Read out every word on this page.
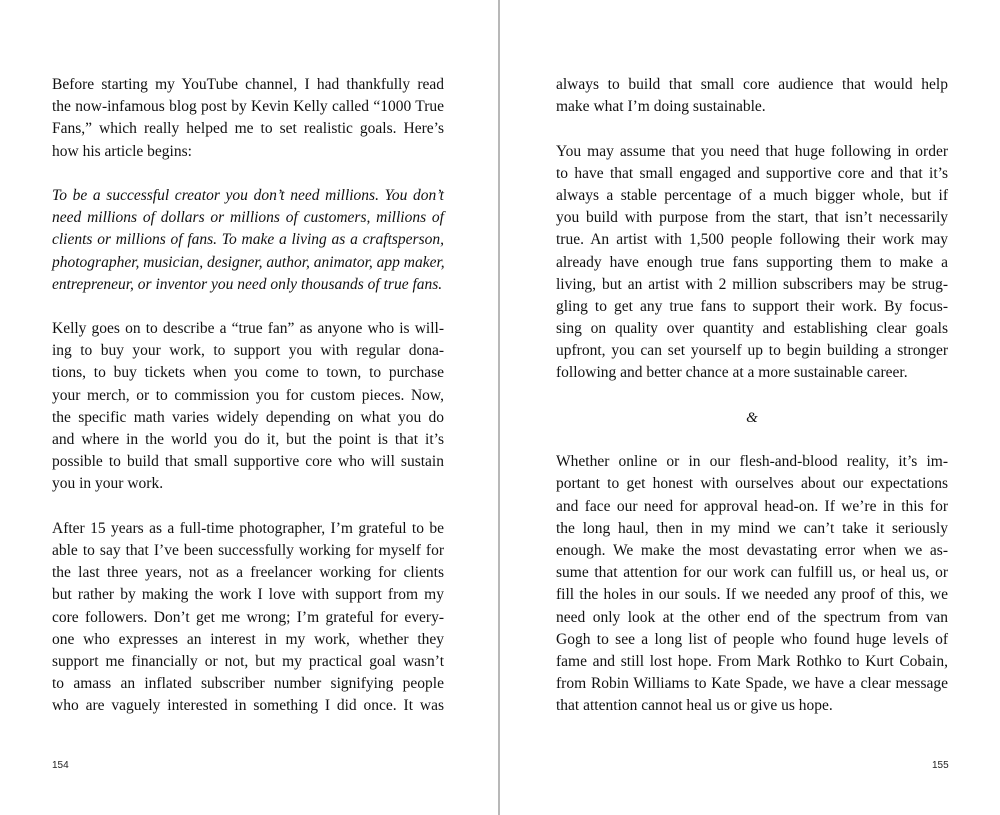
Before starting my YouTube channel, I had thankfully read
the now-infamous blog post by Kevin Kelly called “1000 True
Fans,” which really helped me to set realistic goals. Here’s
how his article begins:
To be a successful creator you don’t need millions. You don’t
need millions of dollars or millions of customers, millions of
clients or millions of fans. To make a living as a craftsperson,
photographer, musician, designer, author, animator, app maker,
entrepreneur, or inventor you need only thousands of true fans.
Kelly goes on to describe a “true fan” as anyone who is will-
ing to buy your work, to support you with regular dona-
tions, to buy tickets when you come to town, to purchase
your merch, or to commission you for custom pieces. Now,
the specific math varies widely depending on what you do
and where in the world you do it, but the point is that it’s
possible to build that small supportive core who will sustain
you in your work.
After 15 years as a full-time photographer, I’m grateful to be
able to say that I’ve been successfully working for myself for
the last three years, not as a freelancer working for clients
but rather by making the work I love with support from my
core followers. Don’t get me wrong; I’m grateful for every-
one who expresses an interest in my work, whether they
support me financially or not, but my practical goal wasn’t
to amass an inflated subscriber number signifying people
who are vaguely interested in something I did once. It was
154
always to build that small core audience that would help
make what I’m doing sustainable.
You may assume that you need that huge following in order
to have that small engaged and supportive core and that it’s
always a stable percentage of a much bigger whole, but if
you build with purpose from the start, that isn’t necessarily
true. An artist with 1,500 people following their work may
already have enough true fans supporting them to make a
living, but an artist with 2 million subscribers may be strug-
gling to get any true fans to support their work. By focus-
sing on quality over quantity and establishing clear goals
upfront, you can set yourself up to begin building a stronger
following and better chance at a more sustainable career.
&
Whether online or in our flesh-and-blood reality, it’s im-
portant to get honest with ourselves about our expectations
and face our need for approval head-on. If we’re in this for
the long haul, then in my mind we can’t take it seriously
enough. We make the most devastating error when we as-
sume that attention for our work can fulfill us, or heal us, or
fill the holes in our souls. If we needed any proof of this, we
need only look at the other end of the spectrum from van
Gogh to see a long list of people who found huge levels of
fame and still lost hope. From Mark Rothko to Kurt Cobain,
from Robin Williams to Kate Spade, we have a clear message
that attention cannot heal us or give us hope.
155
